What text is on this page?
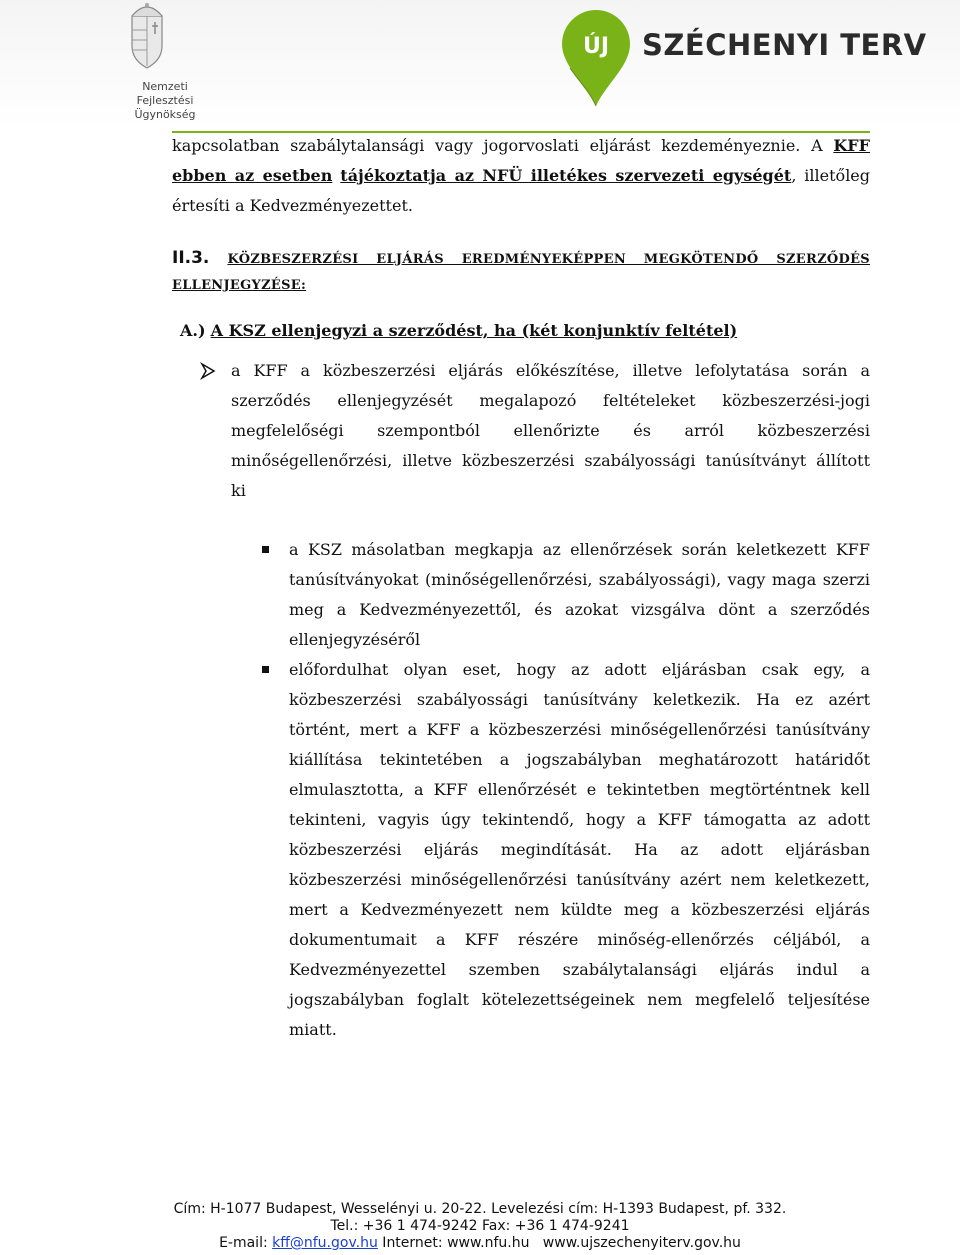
Nemzeti
Fejlesztési Ügynökség
ÚJ	SZÉCHENYI TERV
kapcsolatban szabálytalansági vagy jogorvoslati eljárást kezdeményeznie. A KFF
ebben az esetben tájékoztatja az NFÜ illetékes szervezeti egységét, illetőleg
értesíti a Kedvezményezettet.
II.3. KÖZBESZERZÉSI ELJÁRÁS EREDMÉNYEKÉPPEN MEGKÖTENDŐ SZERZŐDÉS
ELLENJEGYZÉSE:
A.) A KSZ ellenjegyzi a szerződést, ha (két konjunktív feltétel)
a KFF a közbeszerzési eljárás előkészítése, illetve lefolytatása során a
szerződés ellenjegyzését megalapozó feltételeket közbeszerzési-jogi
megfelelőségi szempontból ellenőrizte és arról közbeszerzési
minőségellenőrzési, illetve közbeszerzési szabályossági tanúsítványt állított
ki
a KSZ másolatban megkapja az ellenőrzések során keletkezett KFF
tanúsítványokat (minőségellenőrzési, szabályossági), vagy maga szerzi
meg a Kedvezményezettől, és azokat vizsgálva dönt a szerződés
ellenjegyzéséről
előfordulhat olyan eset, hogy az adott eljárásban csak egy, a
közbeszerzési szabályossági tanúsítvány keletkezik. Ha ez azért
történt, mert a KFF a közbeszerzési minőségellenőrzési tanúsítvány
kiállítása tekintetében a jogszabályban meghatározott határidőt
elmulasztotta, a KFF ellenőrzését e tekintetben megtörténtnek kell
tekinteni, vagyis úgy tekintendő, hogy a KFF támogatta az adott
közbeszerzési eljárás megindítását. Ha az adott eljárásban
közbeszerzési minőségellenőrzési tanúsítvány azért nem keletkezett,
mert a Kedvezményezett nem küldte meg a közbeszerzési eljárás
dokumentumait a KFF részére minőség-ellenőrzés céljából, a
Kedvezményezettel szemben szabálytalansági eljárás indul a
jogszabályban foglalt kötelezettségeinek nem megfelelő teljesítése
miatt.
Cím: H-1077 Budapest, Wesselényi u. 20-22. Levelezési cím: H-1393 Budapest, pf. 332.
Tel.: +36 1 474-9242 Fax: +36 1 474-9241
E-mail: kff@nfu.gov.hu Internet: www.nfu.hu   www.ujszechenyiterv.gov.hu
